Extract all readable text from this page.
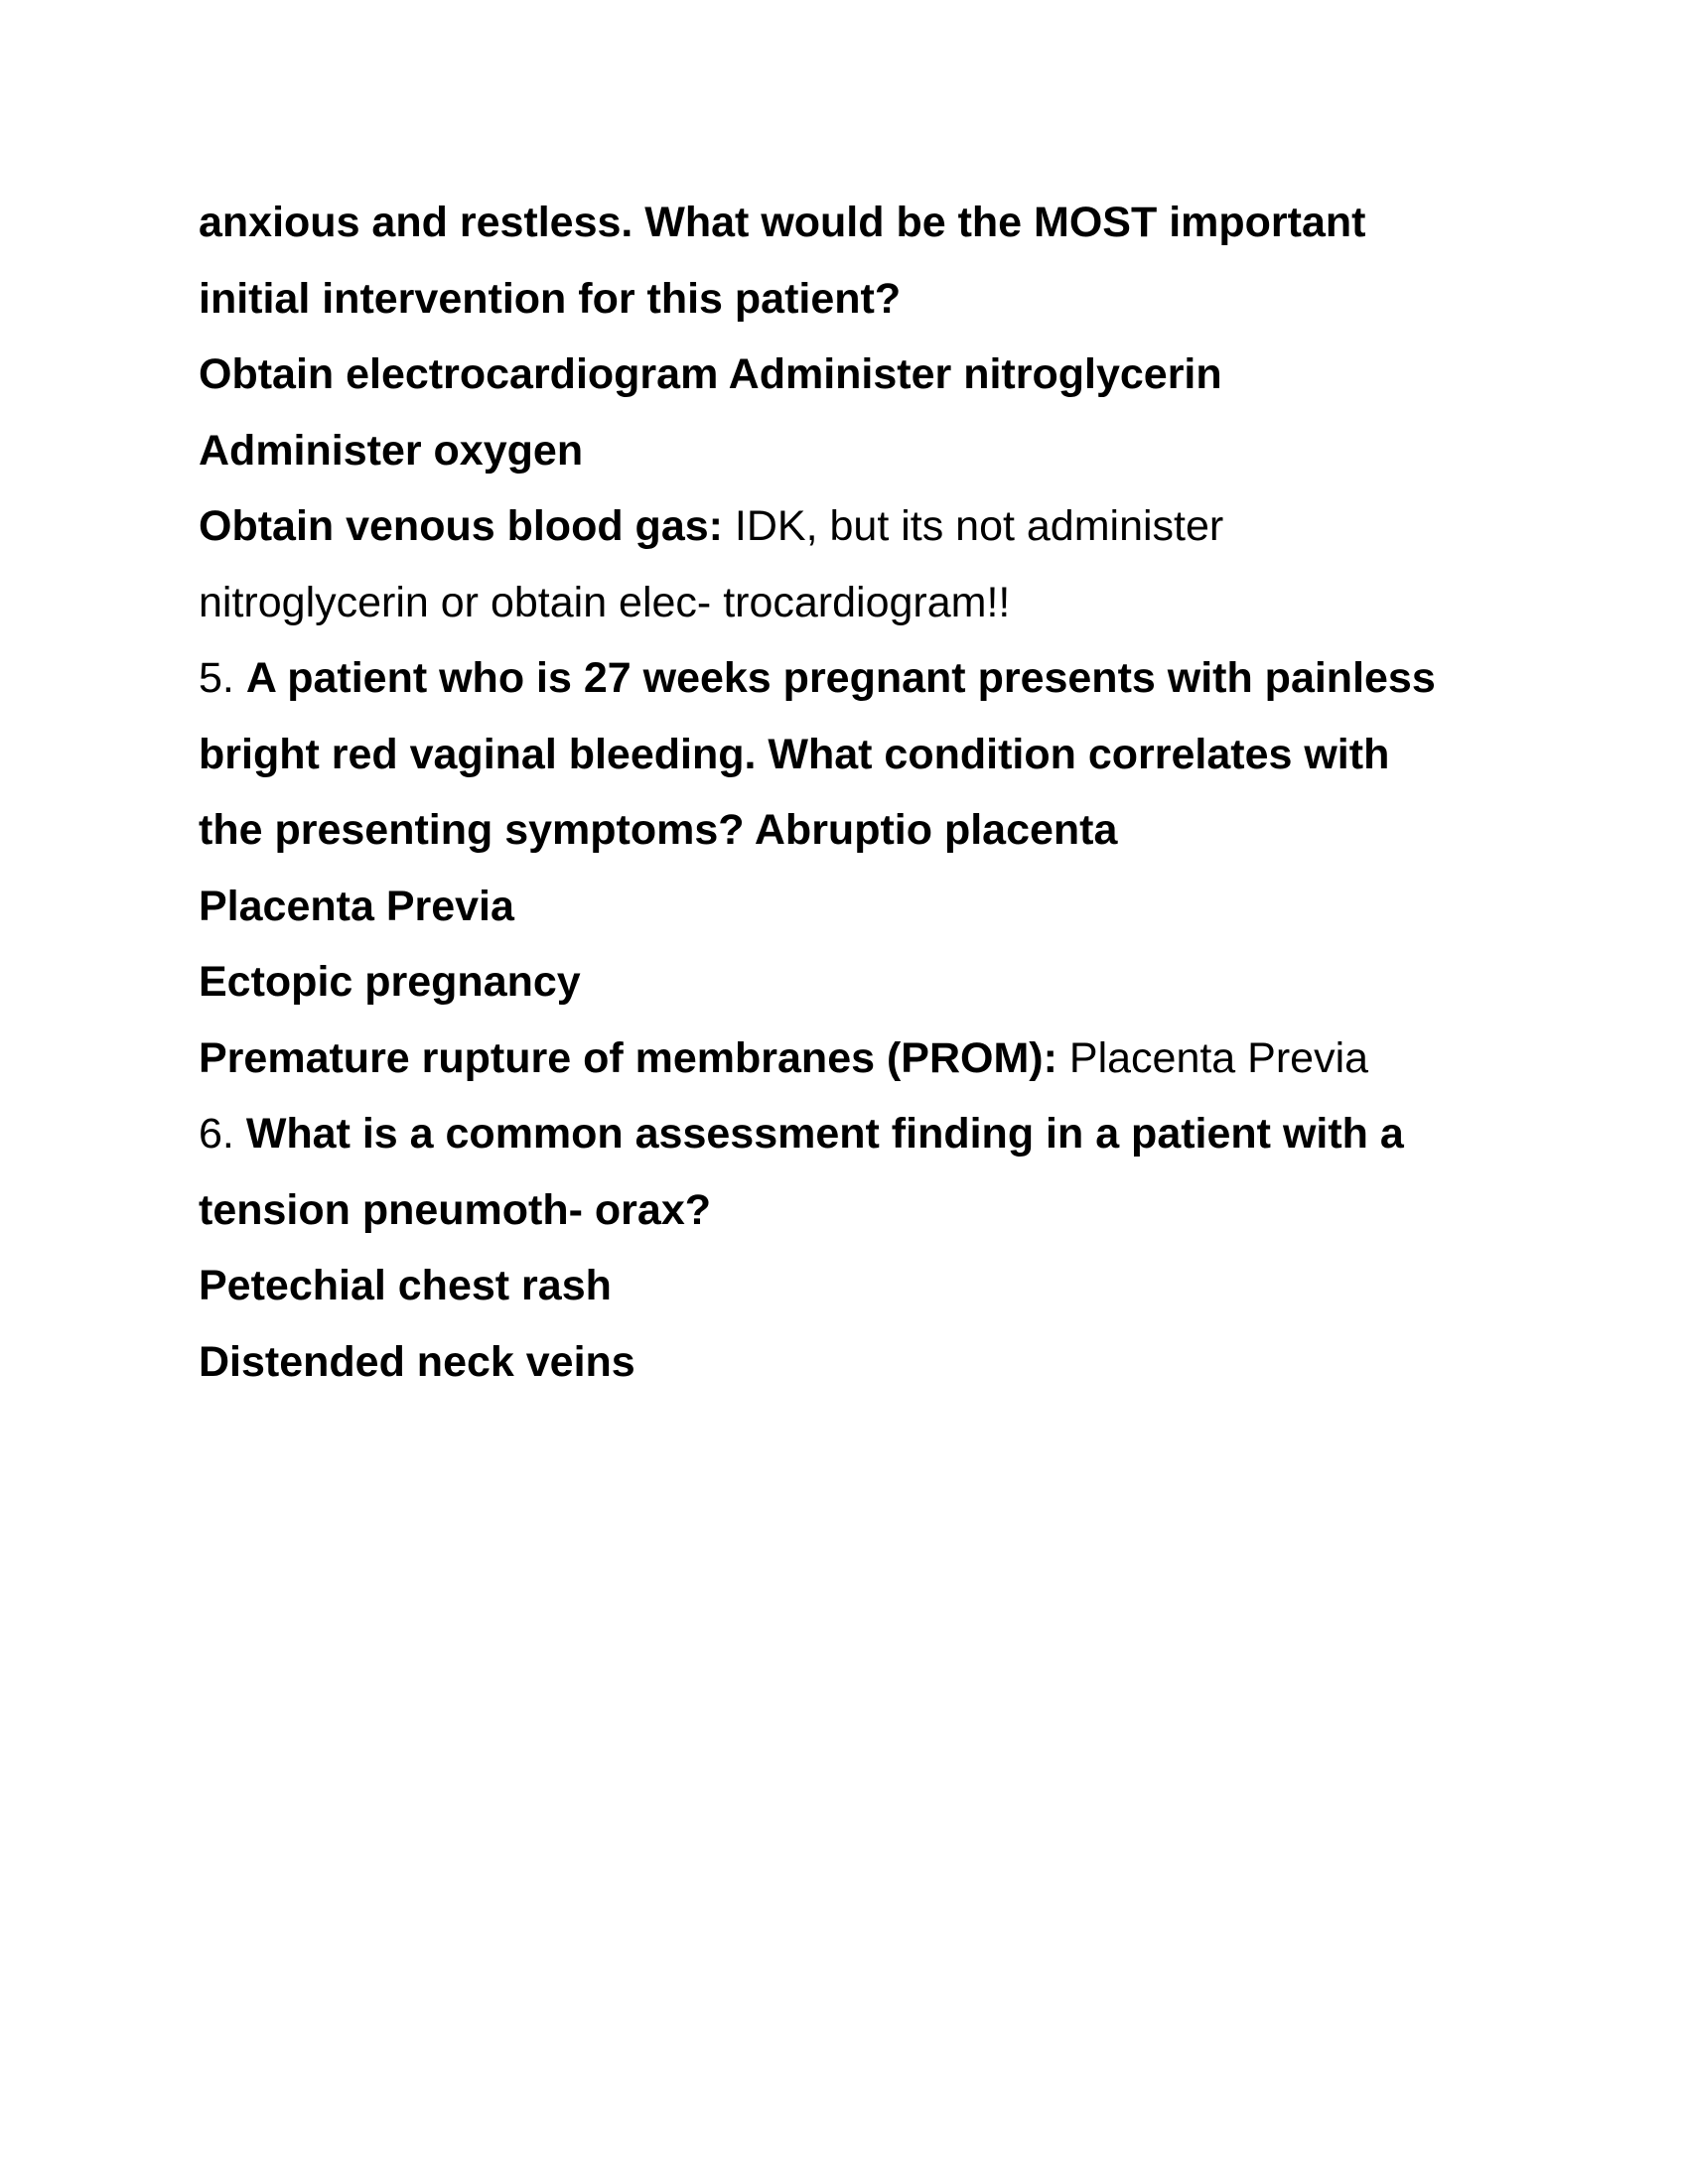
anxious and restless. What would be the MOST important

initial intervention for this patient?

Obtain electrocardiogram Administer nitroglycerin

Administer oxygen

Obtain venous blood gas: IDK, but its not administer

nitroglycerin or obtain elec- trocardiogram!!

5. A patient who is 27 weeks pregnant presents with painless

bright red vaginal bleeding. What condition correlates with

the presenting symptoms? Abruptio placenta

Placenta Previa

Ectopic pregnancy

Premature rupture of membranes (PROM): Placenta Previa

6. What is a common assessment finding in a patient with a

tension pneumoth- orax?

Petechial chest rash

Distended neck veins
